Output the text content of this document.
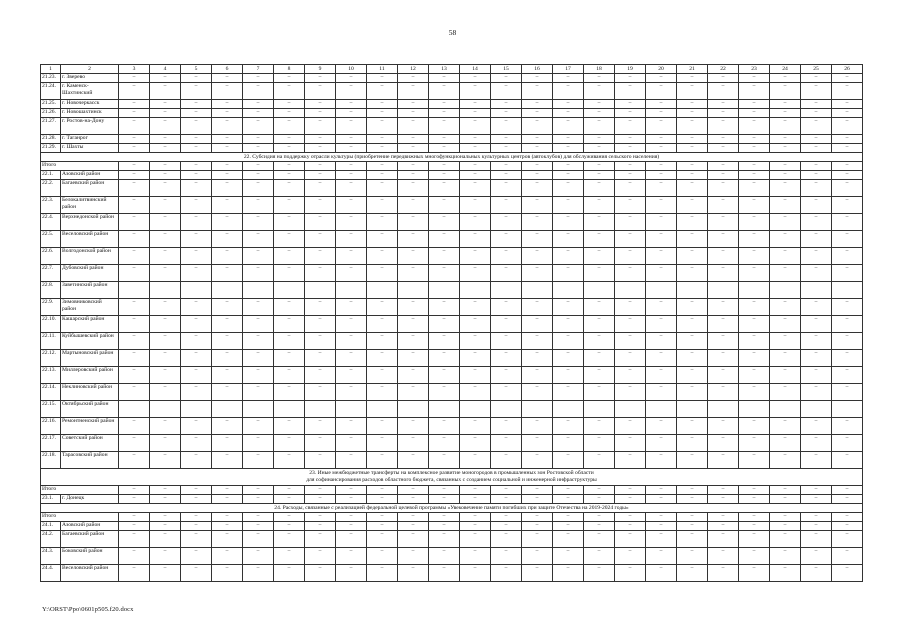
58
1	2	3	4	5	6	7	8	9	10	11	12	13	14	15	16	17	18	19	20	21	22	23	24	25	26
21.23.	г. Зверево	–	–	–	–	–	–	–	–	–	–	–	–	–	–	–	–	–	–	–	–	–	–	–	–
21.24.	г. Каменск-Шахтинский	–	–	–	–	–	–	–	–	–	–	–	–	–	–	–	–	–	–	–	–	–	–	–	–
21.25.	г. Новочеркасск	–	–	–	–	–	–	–	–	–	–	–	–	–	–	–	–	–	–	–	–	–	–	–	–
21.26.	г. Новошахтинск	–	–	–	–	–	–	–	–	–	–	–	–	–	–	–	–	–	–	–	–	–	–	–	–
21.27.	г. Ростов-на-Дону	–	–	–	–	–	–	–	–	–	–	–	–	–	–	–	–	–	–	–	–	–	–	–	–
21.28.	г. Таганрог	–	–	–	–	–	–	–	–	–	–	–	–	–	–	–	–	–	–	–	–	–	–	–	–
21.29.	г. Шахты	–	–	–	–	–	–	–	–	–	–	–	–	–	–	–	–	–	–	–	–	–	–	–	–

22. Субсидия на поддержку отрасли культуры (приобретение передвижных многофункциональных культурных центров (автоклубов) для обслуживания сельского населения)																									

Итого		–	–	–	–	–	–	–	–	–	–	–	–	–	–	–	–	–	–	–	–	–	–	–	–
22.1.	Азовский район	–	–	–	–	–	–	–	–	–	–	–	–	–	–	–	–	–	–	–	–	–	–	–	–
22.2.	Багаевский район	–	–	–	–	–	–	–	–	–	–	–	–	–	–	–	–	–	–	–	–	–	–	–	–
22.3.	Белокалитвинский район	–	–	–	–	–	–	–	–	–	–	–	–	–	–	–	–	–	–	–	–	–	–	–	–
22.4.	Верхнедонской район	–	–	–	–	–	–	–	–	–	–	–	–	–	–	–	–	–	–	–	–	–	–	–	–
22.5.	Веселовский район	–	–	–	–	–	–	–	–	–	–	–	–	–	–	–	–	–	–	–	–	–	–	–	–
22.6.	Волгодонской район	–	–	–	–	–	–	–	–	–	–	–	–	–	–	–	–	–	–	–	–	–	–	–	–
22.7.	Дубовский район	–	–	–	–	–	–	–	–	–	–	–	–	–	–	–	–	–	–	–	–	–	–	–	–
22.8.	Заветинский район																								
22.9.	Зимовниковский район	–	–	–	–	–	–	–	–	–	–	–	–	–	–	–	–	–	–	–	–	–	–	–	–
22.10.	Кашарский район	–	–	–	–	–	–	–	–	–	–	–	–	–	–	–	–	–	–	–	–	–	–	–	–
22.11.	Куйбышевский район	–	–	–	–	–	–	–	–	–	–	–	–	–	–	–	–	–	–	–	–	–	–	–	–
22.12.	Мартыновский район	–	–	–	–	–	–	–	–	–	–	–	–	–	–	–	–	–	–	–	–	–	–	–	–
22.13.	Миллеровский район	–	–	–	–	–	–	–	–	–	–	–	–	–	–	–	–	–	–	–	–	–	–	–	–
22.14.	Неклиновский район	–	–	–	–	–	–	–	–	–	–	–	–	–	–	–	–	–	–	–	–	–	–	–	–
22.15.	Октябрьский район																								
22.16.	Ремонтненский район	–	–	–	–	–	–	–	–	–	–	–	–	–	–	–	–	–	–	–	–	–	–	–	–
22.17.	Советский район	–	–	–	–	–	–	–	–	–	–	–	–	–	–	–	–	–	–	–	–	–	–	–	–
22.18.	Тарасовский район	–	–	–	–	–	–	–	–	–	–	–	–	–	–	–	–	–	–	–	–	–	–	–	–

23. Иные межбюджетные трансферты на комплексное развитие моногородов в промышленных зон Ростовской области
для софинансирования расходов областного бюджета, связанных с созданием социальной и инженерной инфраструктуры																									

Итого		–	–	–	–	–	–	–	–	–	–	–	–	–	–	–	–	–	–	–	–	–	–	–	–
23.1.	г. Донецк	–	–	–	–	–	–	–	–	–	–	–	–	–	–	–	–	–	–	–	–	–	–	–	–

24. Расходы, связанные с реализацией федеральной целевой программы «Увековечение памяти погибших при защите Отечества на 2019-2024 годы»																									

Итого		–	–	–	–	–	–	–	–	–	–	–	–	–	–	–	–	–	–	–	–	–	–	–	–
24.1.	Азовский район	–	–	–	–	–	–	–	–	–	–	–	–	–	–	–	–	–	–	–	–	–	–	–	–
24.2.	Багаевский район	–	–	–	–	–	–	–	–	–	–	–	–	–	–	–	–	–	–	–	–	–	–	–	–
24.3.	Боковский район	–	–	–	–	–	–	–	–	–	–	–	–	–	–	–	–	–	–	–	–	–	–	–	–
24.4.	Веселовский район	–	–	–	–	–	–	–	–	–	–	–	–	–	–	–	–	–	–	–	–	–	–	–	–
Y:\ORST\Ppo\0601p505.f20.docx
